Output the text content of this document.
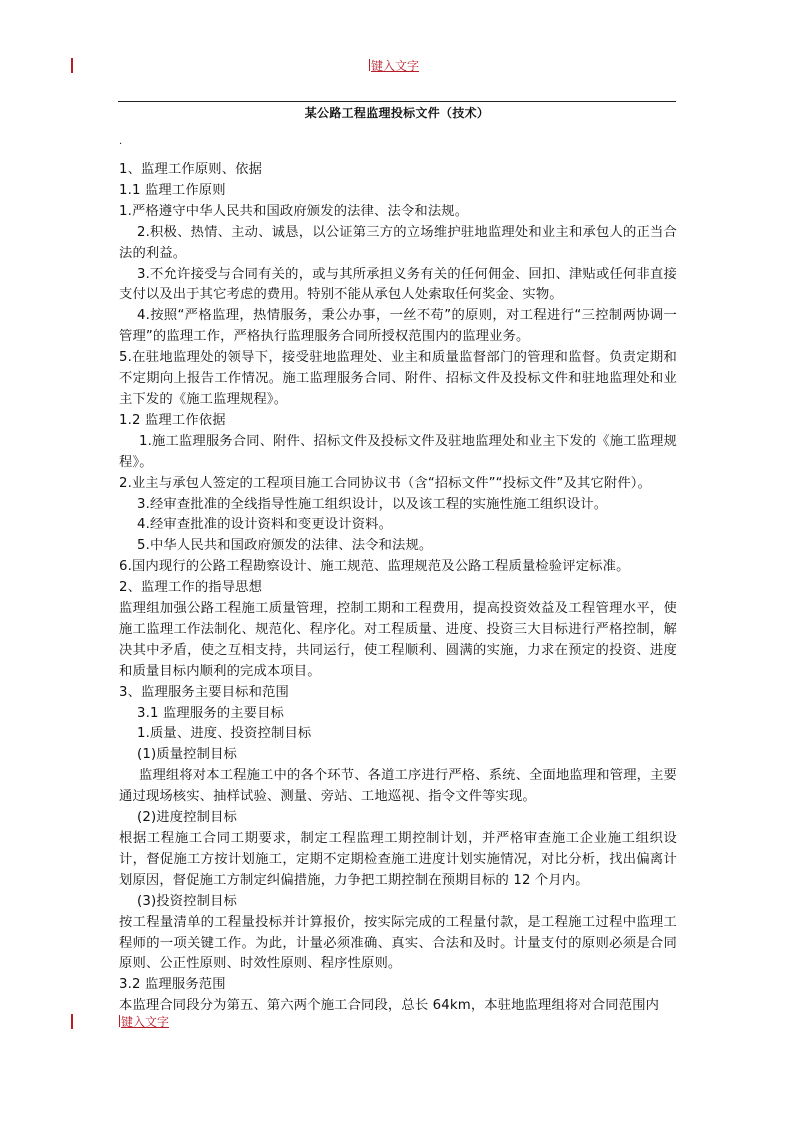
键入文字
某公路工程监理投标文件（技术）
·

1、监理工作原则、依据

1.1 监理工作原则

1.严格遵守中华人民共和国政府颁发的法律、法令和法规。

2.积极、热情、主动、诚恳，以公证第三方的立场维护驻地监理处和业主和承包人的正当合法的利益。

3.不允许接受与合同有关的，或与其所承担义务有关的任何佣金、回扣、津贴或任何非直接支付以及出于其它考虑的费用。特别不能从承包人处索取任何奖金、实物。

4.按照“严格监理，热情服务，秉公办事，一丝不苟”的原则，对工程进行“三控制两协调一管理”的监理工作，严格执行监理服务合同所授权范围内的监理业务。

5.在驻地监理处的领导下，接受驻地监理处、业主和质量监督部门的管理和监督。负责定期和不定期向上报告工作情况。施工监理服务合同、附件、招标文件及投标文件和驻地监理处和业主下发的《施工监理规程》。

1.2 监理工作依据

1.施工监理服务合同、附件、招标文件及投标文件及驻地监理处和业主下发的《施工监理规程》。

2.业主与承包人签定的工程项目施工合同协议书（含“招标文件”“投标文件”及其它附件）。

3.经审查批准的全线指导性施工组织设计，以及该工程的实施性施工组织设计。

4.经审查批准的设计资料和变更设计资料。

5.中华人民共和国政府颁发的法律、法令和法规。

6.国内现行的公路工程勘察设计、施工规范、监理规范及公路工程质量检验评定标准。

2、监理工作的指导思想

监理组加强公路工程施工质量管理，控制工期和工程费用，提高投资效益及工程管理水平，使施工监理工作法制化、规范化、程序化。对工程质量、进度、投资三大目标进行严格控制，解决其中矛盾，使之互相支持，共同运行，使工程顺利、圆满的实施，力求在预定的投资、进度和质量目标内顺利的完成本项目。

3、监理服务主要目标和范围

3.1 监理服务的主要目标

1.质量、进度、投资控制目标

(1)质量控制目标

监理组将对本工程施工中的各个环节、各道工序进行严格、系统、全面地监理和管理，主要通过现场核实、抽样试验、测量、旁站、工地巡视、指令文件等实现。

(2)进度控制目标

根据工程施工合同工期要求，制定工程监理工期控制计划，并严格审查施工企业施工组织设计，督促施工方按计划施工，定期不定期检查施工进度计划实施情况，对比分析，找出偏离计划原因，督促施工方制定纠偏措施，力争把工期控制在预期目标的 12 个月内。

(3)投资控制目标

按工程量清单的工程量投标并计算报价，按实际完成的工程量付款，是工程施工过程中监理工程师的一项关键工作。为此，计量必须准确、真实、合法和及时。计量支付的原则必须是合同原则、公正性原则、时效性原则、程序性原则。

3.2 监理服务范围

本监理合同段分为第五、第六两个施工合同段，总长 64km，本驻地监理组将对合同范围内

键入文字
